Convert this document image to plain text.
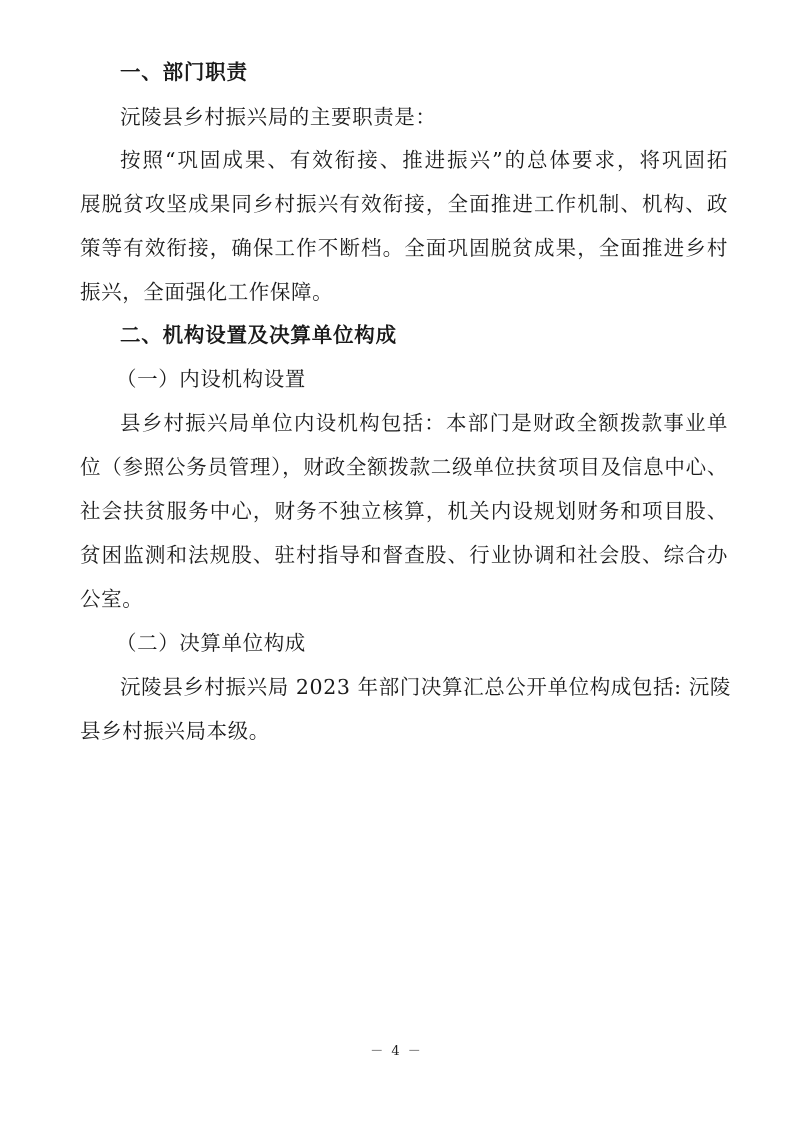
一、部门职责
沅陵县乡村振兴局的主要职责是：
按照“巩固成果、有效衔接、推进振兴”的总体要求，将巩固拓
展脱贫攻坚成果同乡村振兴有效衔接，全面推进工作机制、机构、政
策等有效衔接，确保工作不断档。全面巩固脱贫成果，全面推进乡村
振兴，全面强化工作保障。
二、机构设置及决算单位构成
（一）内设机构设置
县乡村振兴局单位内设机构包括：本部门是财政全额拨款事业单
位（参照公务员管理），财政全额拨款二级单位扶贫项目及信息中心、
社会扶贫服务中心，财务不独立核算，机关内设规划财务和项目股、
贫困监测和法规股、驻村指导和督查股、行业协调和社会股、综合办
公室。
（二）决算单位构成
沅陵县乡村振兴局 2023 年部门决算汇总公开单位构成包括: 沅陵
县乡村振兴局本级。
－ 4 －
